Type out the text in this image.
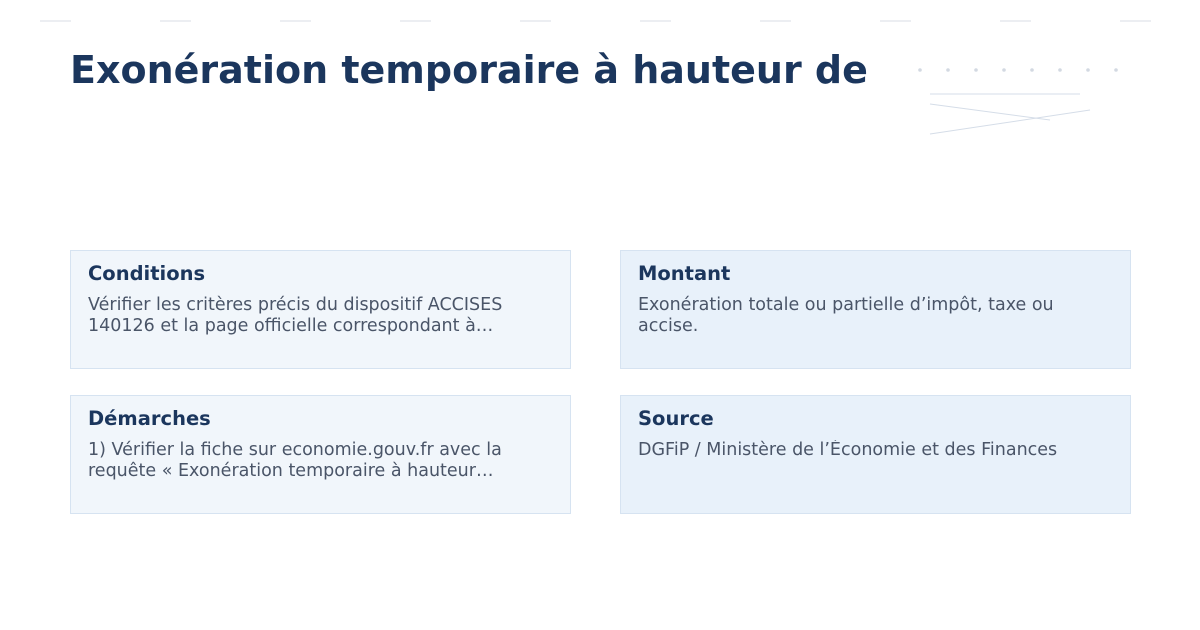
Exonération temporaire à hauteur de
Conditions

Vérifier les critères précis du dispositif ACCISES 140126 et la page officielle correspondant à…

Montant

Exonération totale ou partielle d’impôt, taxe ou accise.

Démarches

1) Vérifier la fiche sur economie.gouv.fr avec la requête « Exonération temporaire à hauteur…

Source

DGFiP / Ministère de l’Économie et des Finances
